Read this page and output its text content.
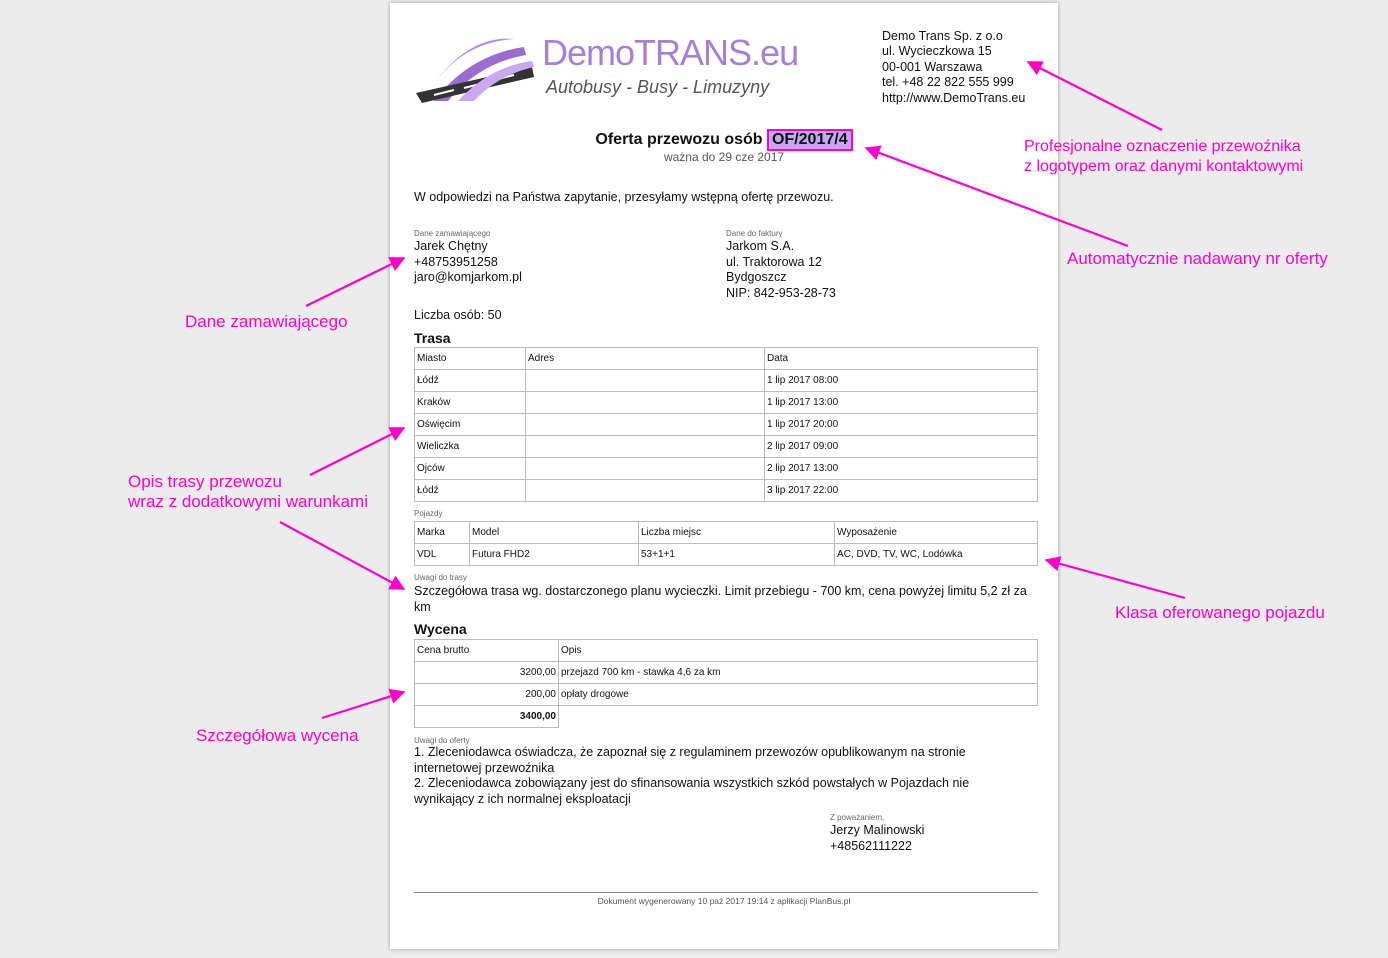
DemoTRANS.eu
Autobusy - Busy - Limuzyny
Demo Trans Sp. z o.o
ul. Wycieczkowa 15
00-001 Warszawa
tel. +48 22 822 555 999
http://www.DemoTrans.eu
Oferta przewozu osób OF/2017/4
ważna do 29 cze 2017
W odpowiedzi na Państwa zapytanie, przesyłamy wstępną ofertę przewozu.
Dane zamawiającego
Jarek Chętny
+48753951258
jaro@komjarkom.pl
Dane do faktury
Jarkom S.A.
ul. Traktorowa 12
Bydgoszcz
NIP: 842-953-28-73
Liczba osób: 50
Trasa
Miasto	Adres	Data
Łódź		1 lip 2017 08:00
Kraków		1 lip 2017 13:00
Oświęcim		1 lip 2017 20:00
Wieliczka		2 lip 2017 09:00
Ojców		2 lip 2017 13:00
Łódź		3 lip 2017 22:00
Pojazdy
Marka	Model	Liczba miejsc	Wyposażenie
VDL	Futura FHD2	53+1+1	AC, DVD, TV, WC, Lodówka
Uwagi do trasy
Szczegółowa trasa wg. dostarczonego planu wycieczki. Limit przebiegu - 700 km, cena powyżej limitu 5,2 zł za km
Wycena
Cena brutto	Opis
3200,00	przejazd 700 km - stawka 4,6 za km
200,00	opłaty drogowe
3400,00	
Uwagi do oferty
1. Zleceniodawca oświadcza, że zapoznał się z regulaminem przewozów opublikowanym na stronie
internetowej przewoźnika
2. Zleceniodawca zobowiązany jest do sfinansowania wszystkich szkód powstałych w Pojazdach nie
wynikający z ich normalnej eksploatacji
Z poważaniem,
Jerzy Malinowski
+48562111222
Dokument wygenerowany 10 paź 2017 19:14 z aplikacji PlanBus.pl
Profesjonalne oznaczenie przewoźnika
z logotypem oraz danymi kontaktowymi
Automatycznie nadawany nr oferty
Dane zamawiającego
Opis trasy przewozu
wraz z dodatkowymi warunkami
Klasa oferowanego pojazdu
Szczegółowa wycena
